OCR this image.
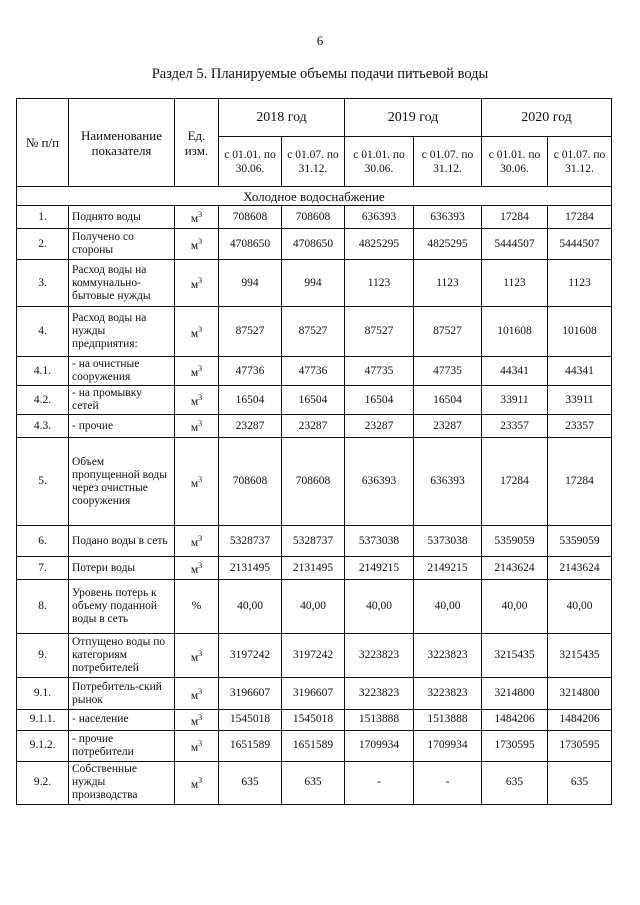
6
Раздел 5. Планируемые объемы подачи питьевой воды
№ п/п	Наименование показателя	Ед. изм.	2018 год		2019 год		2020 год	
			с 01.01. по 30.06.	с 01.07. по 31.12.	с 01.01. по 30.06.	с 01.07. по 31.12.	с 01.01. по 30.06.	с 01.07. по 31.12.
Холодное водоснабжение								
1.	Поднято воды	$м^3$	708608	708608	636393	636393	17284	17284
2.	Получено со стороны	$м^3$	4708650	4708650	4825295	4825295	5444507	5444507
3.	Расход воды на коммунально-бытовые нужды	$м^3$	994	994	1123	1123	1123	1123
4.	Расход воды на нужды предприятия:	$м^3$	87527	87527	87527	87527	101608	101608
4.1.	- на очистные сооружения	$м^3$	47736	47736	47735	47735	44341	44341
4.2.	- на промывку сетей	$м^3$	16504	16504	16504	16504	33911	33911
4.3.	- прочие	$м^3$	23287	23287	23287	23287	23357	23357
5.	Объем пропущенной воды через очистные сооружения	$м^3$	708608	708608	636393	636393	17284	17284
6.	Подано воды в сеть	$м^3$	5328737	5328737	5373038	5373038	5359059	5359059
7.	Потери воды	$м^3$	2131495	2131495	2149215	2149215	2143624	2143624
8.	Уровень потерь к объему поданной воды в сеть	%	40,00	40,00	40,00	40,00	40,00	40,00
9.	Отпущено воды по категориям потребителей	$м^3$	3197242	3197242	3223823	3223823	3215435	3215435
9.1.	Потребитель-ский рынок	$м^3$	3196607	3196607	3223823	3223823	3214800	3214800
9.1.1.	- население	$м^3$	1545018	1545018	1513888	1513888	1484206	1484206
9.1.2.	- прочие потребители	$м^3$	1651589	1651589	1709934	1709934	1730595	1730595
9.2.	Собственные нужды производства	$м^3$	635	635	-	-	635	635
